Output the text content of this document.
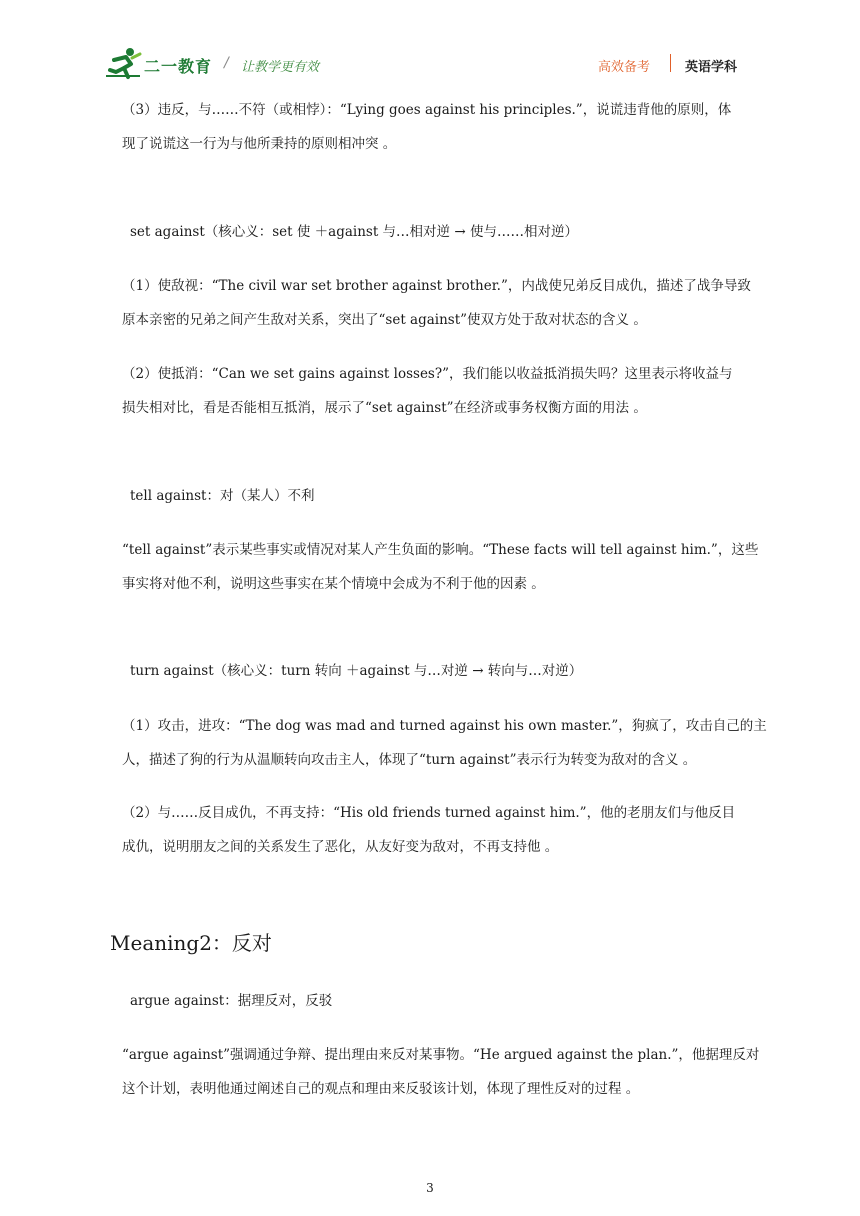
二一教育 / 让教学更有效	高效备考	英语学科
（3）违反，与……不符（或相悖）：“Lying goes against his principles.”，说谎违背他的原则，体
现了说谎这一行为与他所秉持的原则相冲突 。
set against（核心义：set 使 ＋against 与…相对逆 → 使与……相对逆）
（1）使敌视：“The civil war set brother against brother.”，内战使兄弟反目成仇，描述了战争导致
原本亲密的兄弟之间产生敌对关系，突出了“set against”使双方处于敌对状态的含义 。
（2）使抵消：“Can we set gains against losses?”，我们能以收益抵消损失吗？这里表示将收益与
损失相对比，看是否能相互抵消，展示了“set against”在经济或事务权衡方面的用法 。
tell against：对（某人）不利
“tell against”表示某些事实或情况对某人产生负面的影响。“These facts will tell against him.”，这些
事实将对他不利，说明这些事实在某个情境中会成为不利于他的因素 。
turn against（核心义：turn 转向 ＋against 与…对逆 → 转向与…对逆）
（1）攻击，进攻：“The dog was mad and turned against his own master.”，狗疯了，攻击自己的主
人，描述了狗的行为从温顺转向攻击主人，体现了“turn against”表示行为转变为敌对的含义 。
（2）与……反目成仇，不再支持：“His old friends turned against him.”，他的老朋友们与他反目
成仇，说明朋友之间的关系发生了恶化，从友好变为敌对，不再支持他 。
Meaning2：反对
argue against：据理反对，反驳
“argue against”强调通过争辩、提出理由来反对某事物。“He argued against the plan.”，他据理反对
这个计划，表明他通过阐述自己的观点和理由来反驳该计划，体现了理性反对的过程 。
3
